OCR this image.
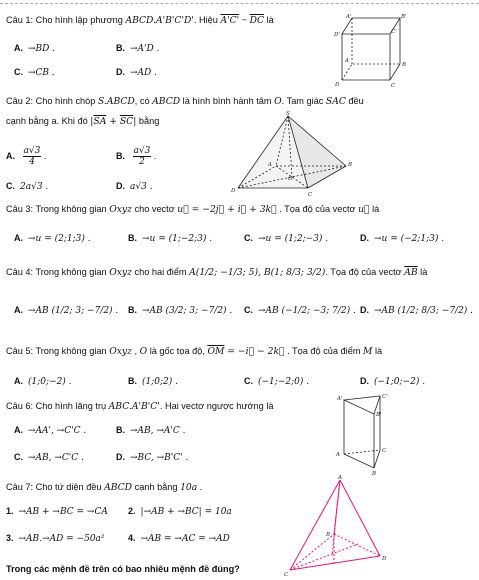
Câu 1: Cho hình lập phương ABCD.A'B'C'D'. Hiệu $A'C' - \overline{DC}$ là
A. →BD .	B. →A'D .
C. →CB .	D. →AD .
A'	B'
D'	C'
A
B
D	C
Câu 2: Cho hình chóp S.ABCD, có ABCD là hình bình hành tâm O. Tam giác SAC đều
cạnh bằng a. Khi đó $|\overline{SA} + \overline{SC}|$ bằng
A. $\frac{a√3}{4}$ .	B. $\frac{a√3}{2}$ .
C. 2a√3 .	D. a√3 .
S
A	B
O
D
C
Câu 3: Trong không gian Oxyz cho vectơ u⃗ = −2j⃗ + i⃗ + 3k⃗ . Tọa độ của vectơ u⃗ là
A. →u = (2;1;3) .	B. →u = (1;−2;3) .	C. →u = (1;2;−3) .	D. →u = (−2;1;3) .
Câu 4: Trong không gian Oxyz cho hai điểm A(1/2; −1/3; 5), B(1; 8/3; 3/2). Tọa độ của vectơ $\overline{AB}$ là
A. →AB (1/2; 3; −7/2) . B. →AB (3/2; 3; −7/2) . C. →AB (−1/2; −3; 7/2) . D. →AB (1/2; 8/3; −7/2) .
Câu 5: Trong không gian Oxyz , O là gốc tọa độ, $\overline{OM}$ = −i⃗ − 2k⃗ . Tọa độ của điểm M là
A. (1;0;−2) .	B. (1;0;2) .	C. (−1;−2;0) .	D. (−1;0;−2) .
Câu 6: Cho hình lăng trụ ABC.A'B'C'. Hai vectơ ngược hướng là
A. →AA', →C'C .	B. →AB, →A'C .
C. →AB, →C'C .	D. →BC, →B'C' .
A'	C'
B'
A
C
B
Câu 7: Cho tứ diện đều ABCD cạnh bằng 10a .
1. →AB + →BC = →CA 2. |→AB + →BC| = 10a
3. →AB.→AD = −50a²	4. →AB = →AC = →AD
Trong các mệnh đề trên có bao nhiêu mệnh đề đúng?
A
B
D
C
